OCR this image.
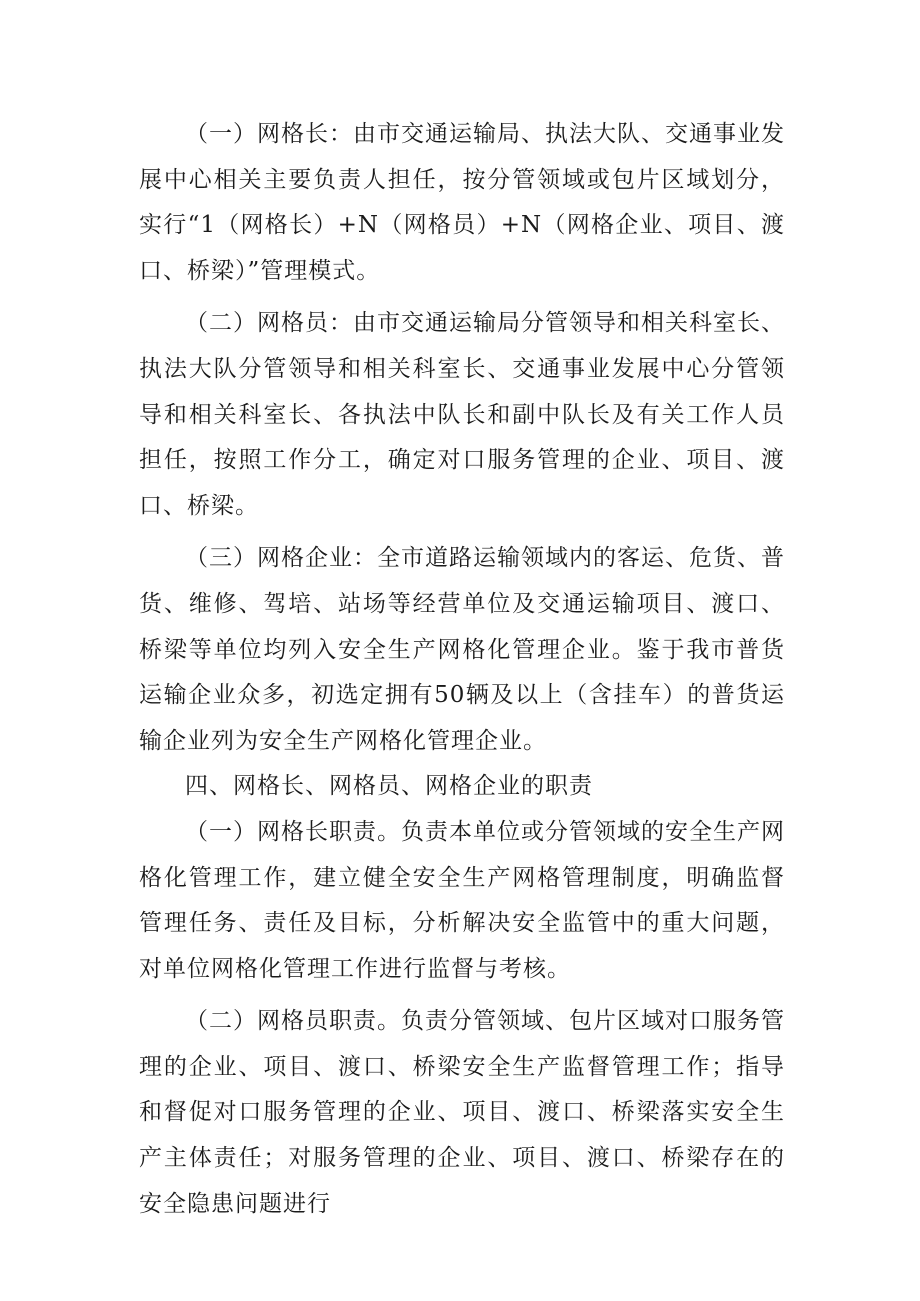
（一）网格长：由市交通运输局、执法大队、交通事业发展中心相关主要负责人担任，按分管领域或包片区域划分，实行“1（网格长）+N（网格员）+N（网格企业、项目、渡口、桥梁）”管理模式。

（二）网格员：由市交通运输局分管领导和相关科室长、执法大队分管领导和相关科室长、交通事业发展中心分管领导和相关科室长、各执法中队长和副中队长及有关工作人员担任，按照工作分工，确定对口服务管理的企业、项目、渡口、桥梁。

（三）网格企业：全市道路运输领域内的客运、危货、普货、维修、驾培、站场等经营单位及交通运输项目、渡口、桥梁等单位均列入安全生产网格化管理企业。鉴于我市普货运输企业众多，初选定拥有50辆及以上（含挂车）的普货运输企业列为安全生产网格化管理企业。

四、网格长、网格员、网格企业的职责

（一）网格长职责。负责本单位或分管领域的安全生产网格化管理工作，建立健全安全生产网格管理制度，明确监督管理任务、责任及目标，分析解决安全监管中的重大问题，对单位网格化管理工作进行监督与考核。

（二）网格员职责。负责分管领域、包片区域对口服务管理的企业、项目、渡口、桥梁安全生产监督管理工作；指导和督促对口服务管理的企业、项目、渡口、桥梁落实安全生产主体责任；对服务管理的企业、项目、渡口、桥梁存在的安全隐患问题进行
